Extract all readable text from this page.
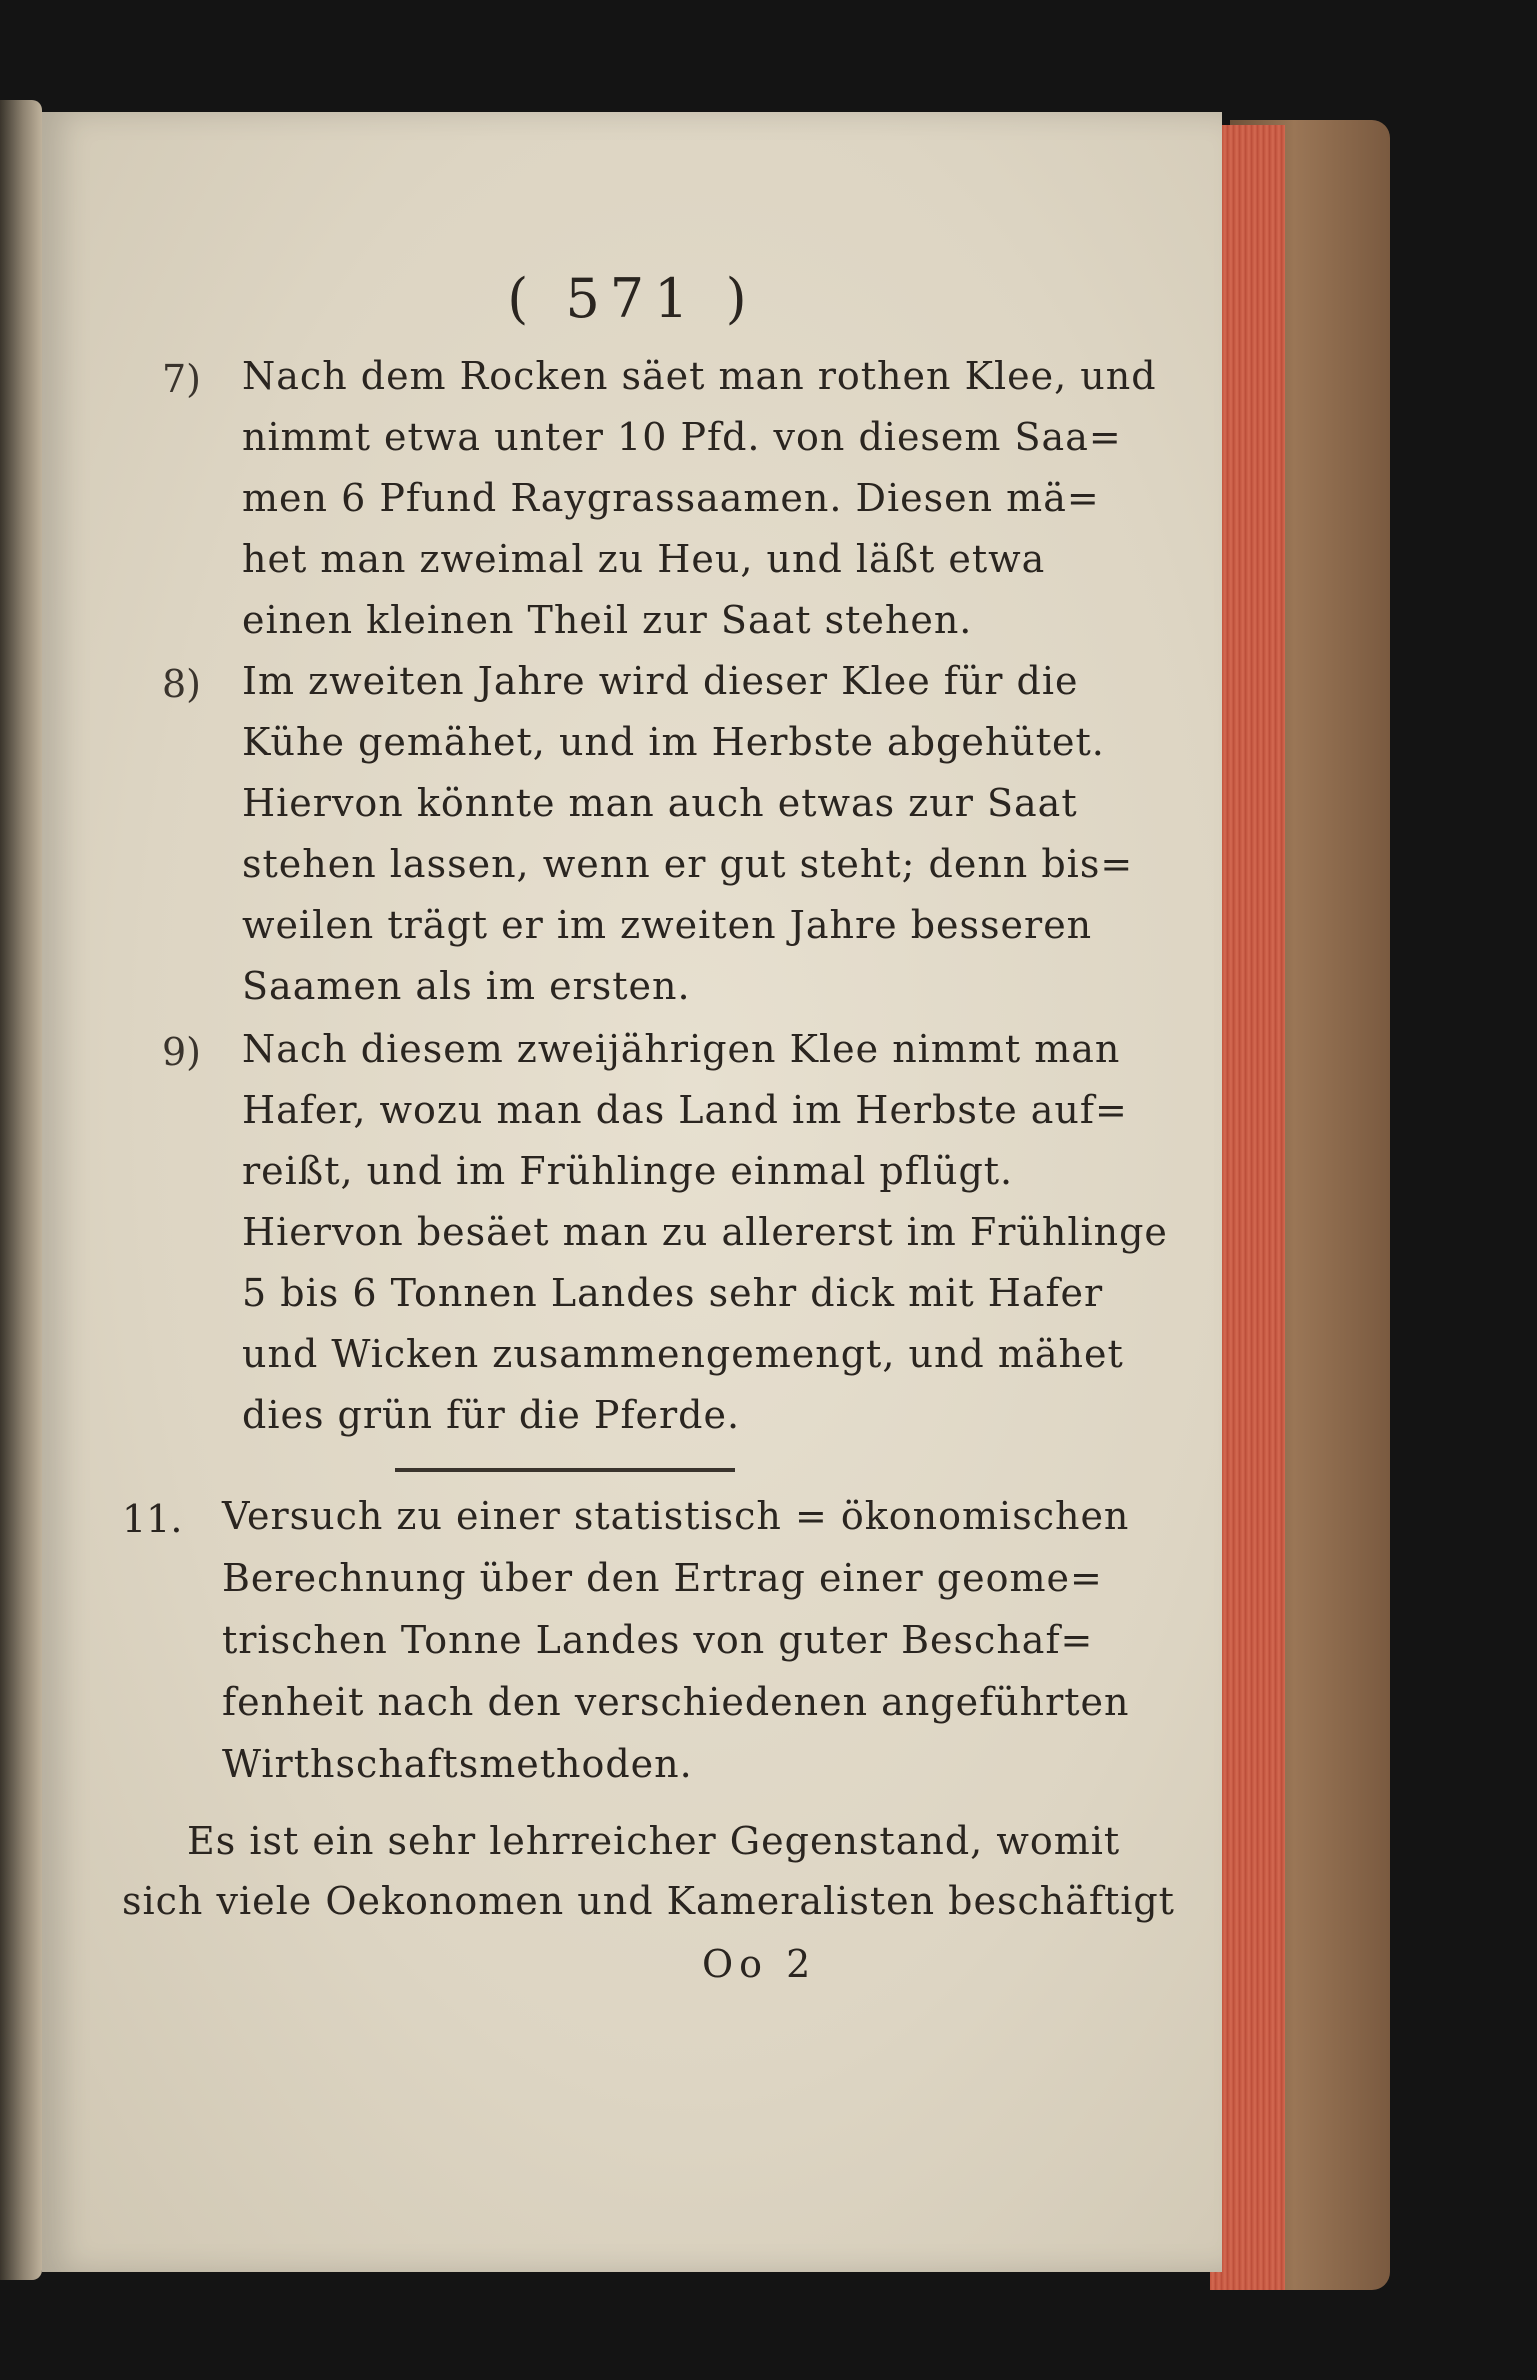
( 571 )
7) Nach dem Rocken säet man rothen Klee, und
nimmt etwa unter 10 Pfd. von diesem Saa=
men 6 Pfund Raygrassaamen. Diesen mä=
het man zweimal zu Heu, und läßt etwa
einen kleinen Theil zur Saat stehen.
8) Im zweiten Jahre wird dieser Klee für die
Kühe gemähet, und im Herbste abgehütet.
Hiervon könnte man auch etwas zur Saat
stehen lassen, wenn er gut steht; denn bis=
weilen trägt er im zweiten Jahre besseren
Saamen als im ersten.
9) Nach diesem zweijährigen Klee nimmt man
Hafer, wozu man das Land im Herbste auf=
reißt, und im Frühlinge einmal pflügt.
Hiervon besäet man zu allererst im Frühlinge
5 bis 6 Tonnen Landes sehr dick mit Hafer
und Wicken zusammengemengt, und mähet
dies grün für die Pferde.
11. Versuch zu einer statistisch = ökonomischen
Berechnung über den Ertrag einer geome=
trischen Tonne Landes von guter Beschaf=
fenheit nach den verschiedenen angeführten
Wirthschaftsmethoden.
Es ist ein sehr lehrreicher Gegenstand, womit
sich viele Oekonomen und Kameralisten beschäftigt
Oo 2
